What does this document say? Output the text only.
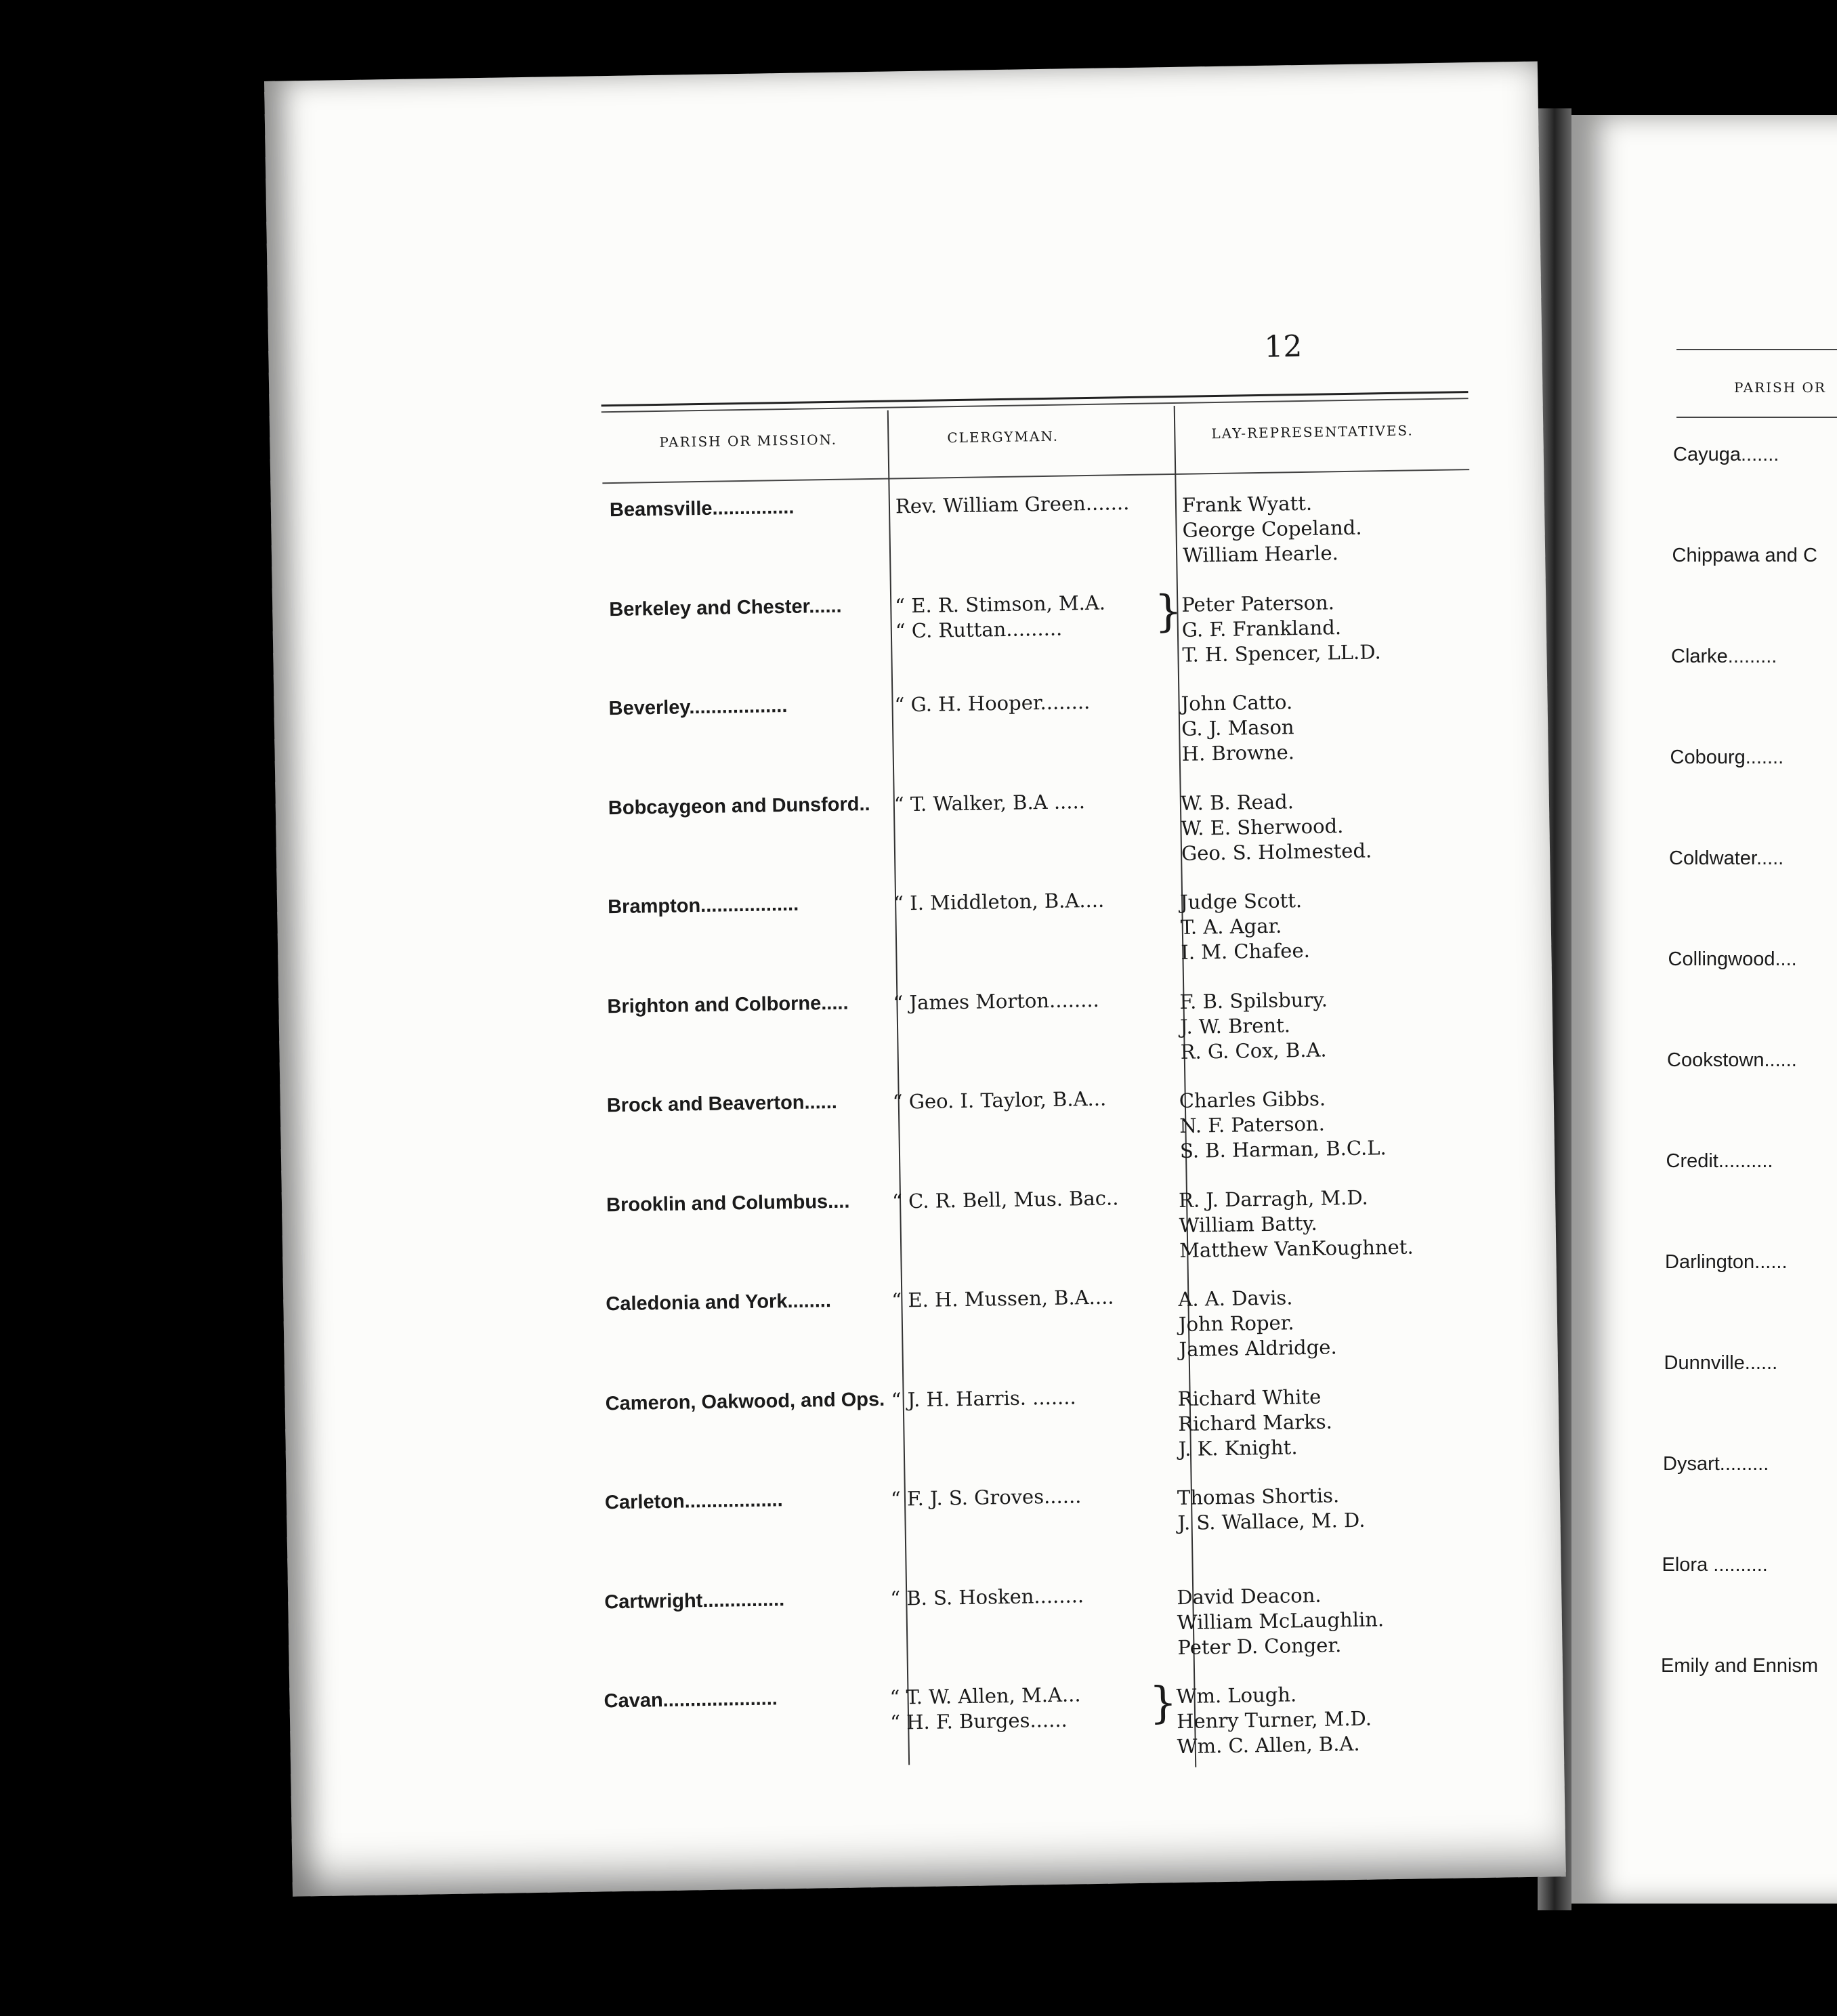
12
PARISH OR MISSION.	CLERGYMAN.	LAY-REPRESENTATIVES.
Beamsville...............	Rev. William Green.......	Frank Wyatt.
George Copeland.
William Hearle.
Berkeley and Chester......	“ E. R. Stimson, M.A.
“ C. Ruttan......... }
Peter Paterson.
G. F. Frankland.
T. H. Spencer, LL.D.
Beverley..................	“ G. H. Hooper........	John Catto.
G. J. Mason
H. Browne.
Bobcaygeon and Dunsford.. “ T. Walker, B.A .....	W. B. Read.
W. E. Sherwood.
Geo. S. Holmested.
Brampton..................	“ I. Middleton, B.A....	Judge Scott.
T. A. Agar.
I. M. Chafee.
Brighton and Colborne..... “ James Morton........	F. B. Spilsbury.
J. W. Brent.
R. G. Cox, B.A.
Brock and Beaverton......	“ Geo. I. Taylor, B.A...	Charles Gibbs.
N. F. Paterson.
S. B. Harman, B.C.L.
Brooklin and Columbus.... “ C. R. Bell, Mus. Bac..	R. J. Darragh, M.D.
William Batty.
Matthew VanKoughnet.
Caledonia and York........	“ E. H. Mussen, B.A....	A. A. Davis.
John Roper.
James Aldridge.
Cameron, Oakwood, and Ops. “ J. H. Harris. .......	Richard White
Richard Marks.
J. K. Knight.
Carleton..................	“ F. J. S. Groves......	Thomas Shortis.
J. S. Wallace, M. D.
Cartwright...............	“ B. S. Hosken........	David Deacon.
William McLaughlin.
Peter D. Conger.
Cavan.....................	“ T. W. Allen, M.A...
“ H. F. Burges...... }
Wm. Lough.
Henry Turner, M.D.
Wm. C. Allen, B.A.
PARISH OR
Cayuga.......
Chippawa and C
Clarke.........
Cobourg.......
Coldwater.....
Collingwood....
Cookstown......
Credit..........
Darlington......
Dunnville......
Dysart.........
Elora ..........
Emily and Ennism
